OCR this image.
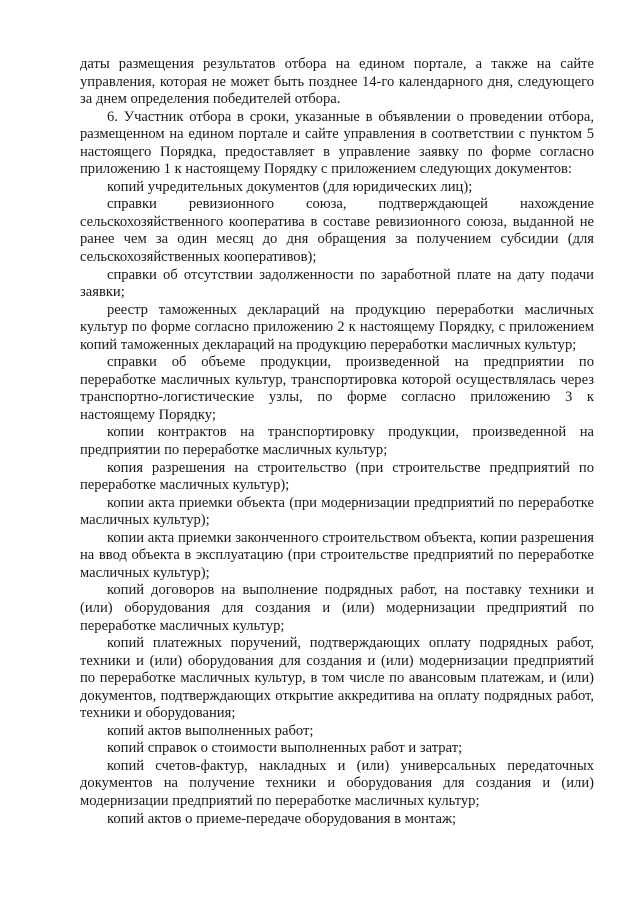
даты размещения результатов отбора на едином портале, а также на сайте управления, которая не может быть позднее 14-го календарного дня, следующего за днем определения победителей отбора.

6. Участник отбора в сроки, указанные в объявлении о проведении отбора, размещенном на едином портале и сайте управления в соответствии с пунктом 5 настоящего Порядка, предоставляет в управление заявку по форме согласно приложению 1 к настоящему Порядку с приложением следующих документов:

копий учредительных документов (для юридических лиц);

справки ревизионного союза, подтверждающей нахождение сельскохозяйственного кооператива в составе ревизионного союза, выданной не ранее чем за один месяц до дня обращения за получением субсидии (для сельскохозяйственных кооперативов);

справки об отсутствии задолженности по заработной плате на дату подачи заявки;

реестр таможенных деклараций на продукцию переработки масличных культур по форме согласно приложению 2 к настоящему Порядку, с приложением копий таможенных деклараций на продукцию переработки масличных культур;

справки об объеме продукции, произведенной на предприятии по переработке масличных культур, транспортировка которой осуществлялась через транспортно-логистические узлы, по форме согласно приложению 3 к настоящему Порядку;

копии контрактов на транспортировку продукции, произведенной на предприятии по переработке масличных культур;

копия разрешения на строительство (при строительстве предприятий по переработке масличных культур);

копии акта приемки объекта (при модернизации предприятий по переработке масличных культур);

копии акта приемки законченного строительством объекта, копии разрешения на ввод объекта в эксплуатацию (при строительстве предприятий по переработке масличных культур);

копий договоров на выполнение подрядных работ, на поставку техники и (или) оборудования для создания и (или) модернизации предприятий по переработке масличных культур;

копий платежных поручений, подтверждающих оплату подрядных работ, техники и (или) оборудования для создания и (или) модернизации предприятий по переработке масличных культур, в том числе по авансовым платежам, и (или) документов, подтверждающих открытие аккредитива на оплату подрядных работ, техники и оборудования;

копий актов выполненных работ;

копий справок о стоимости выполненных работ и затрат;

копий счетов-фактур, накладных и (или) универсальных передаточных документов на получение техники и оборудования для создания и (или) модернизации предприятий по переработке масличных культур;

копий актов о приеме-передаче оборудования в монтаж;
